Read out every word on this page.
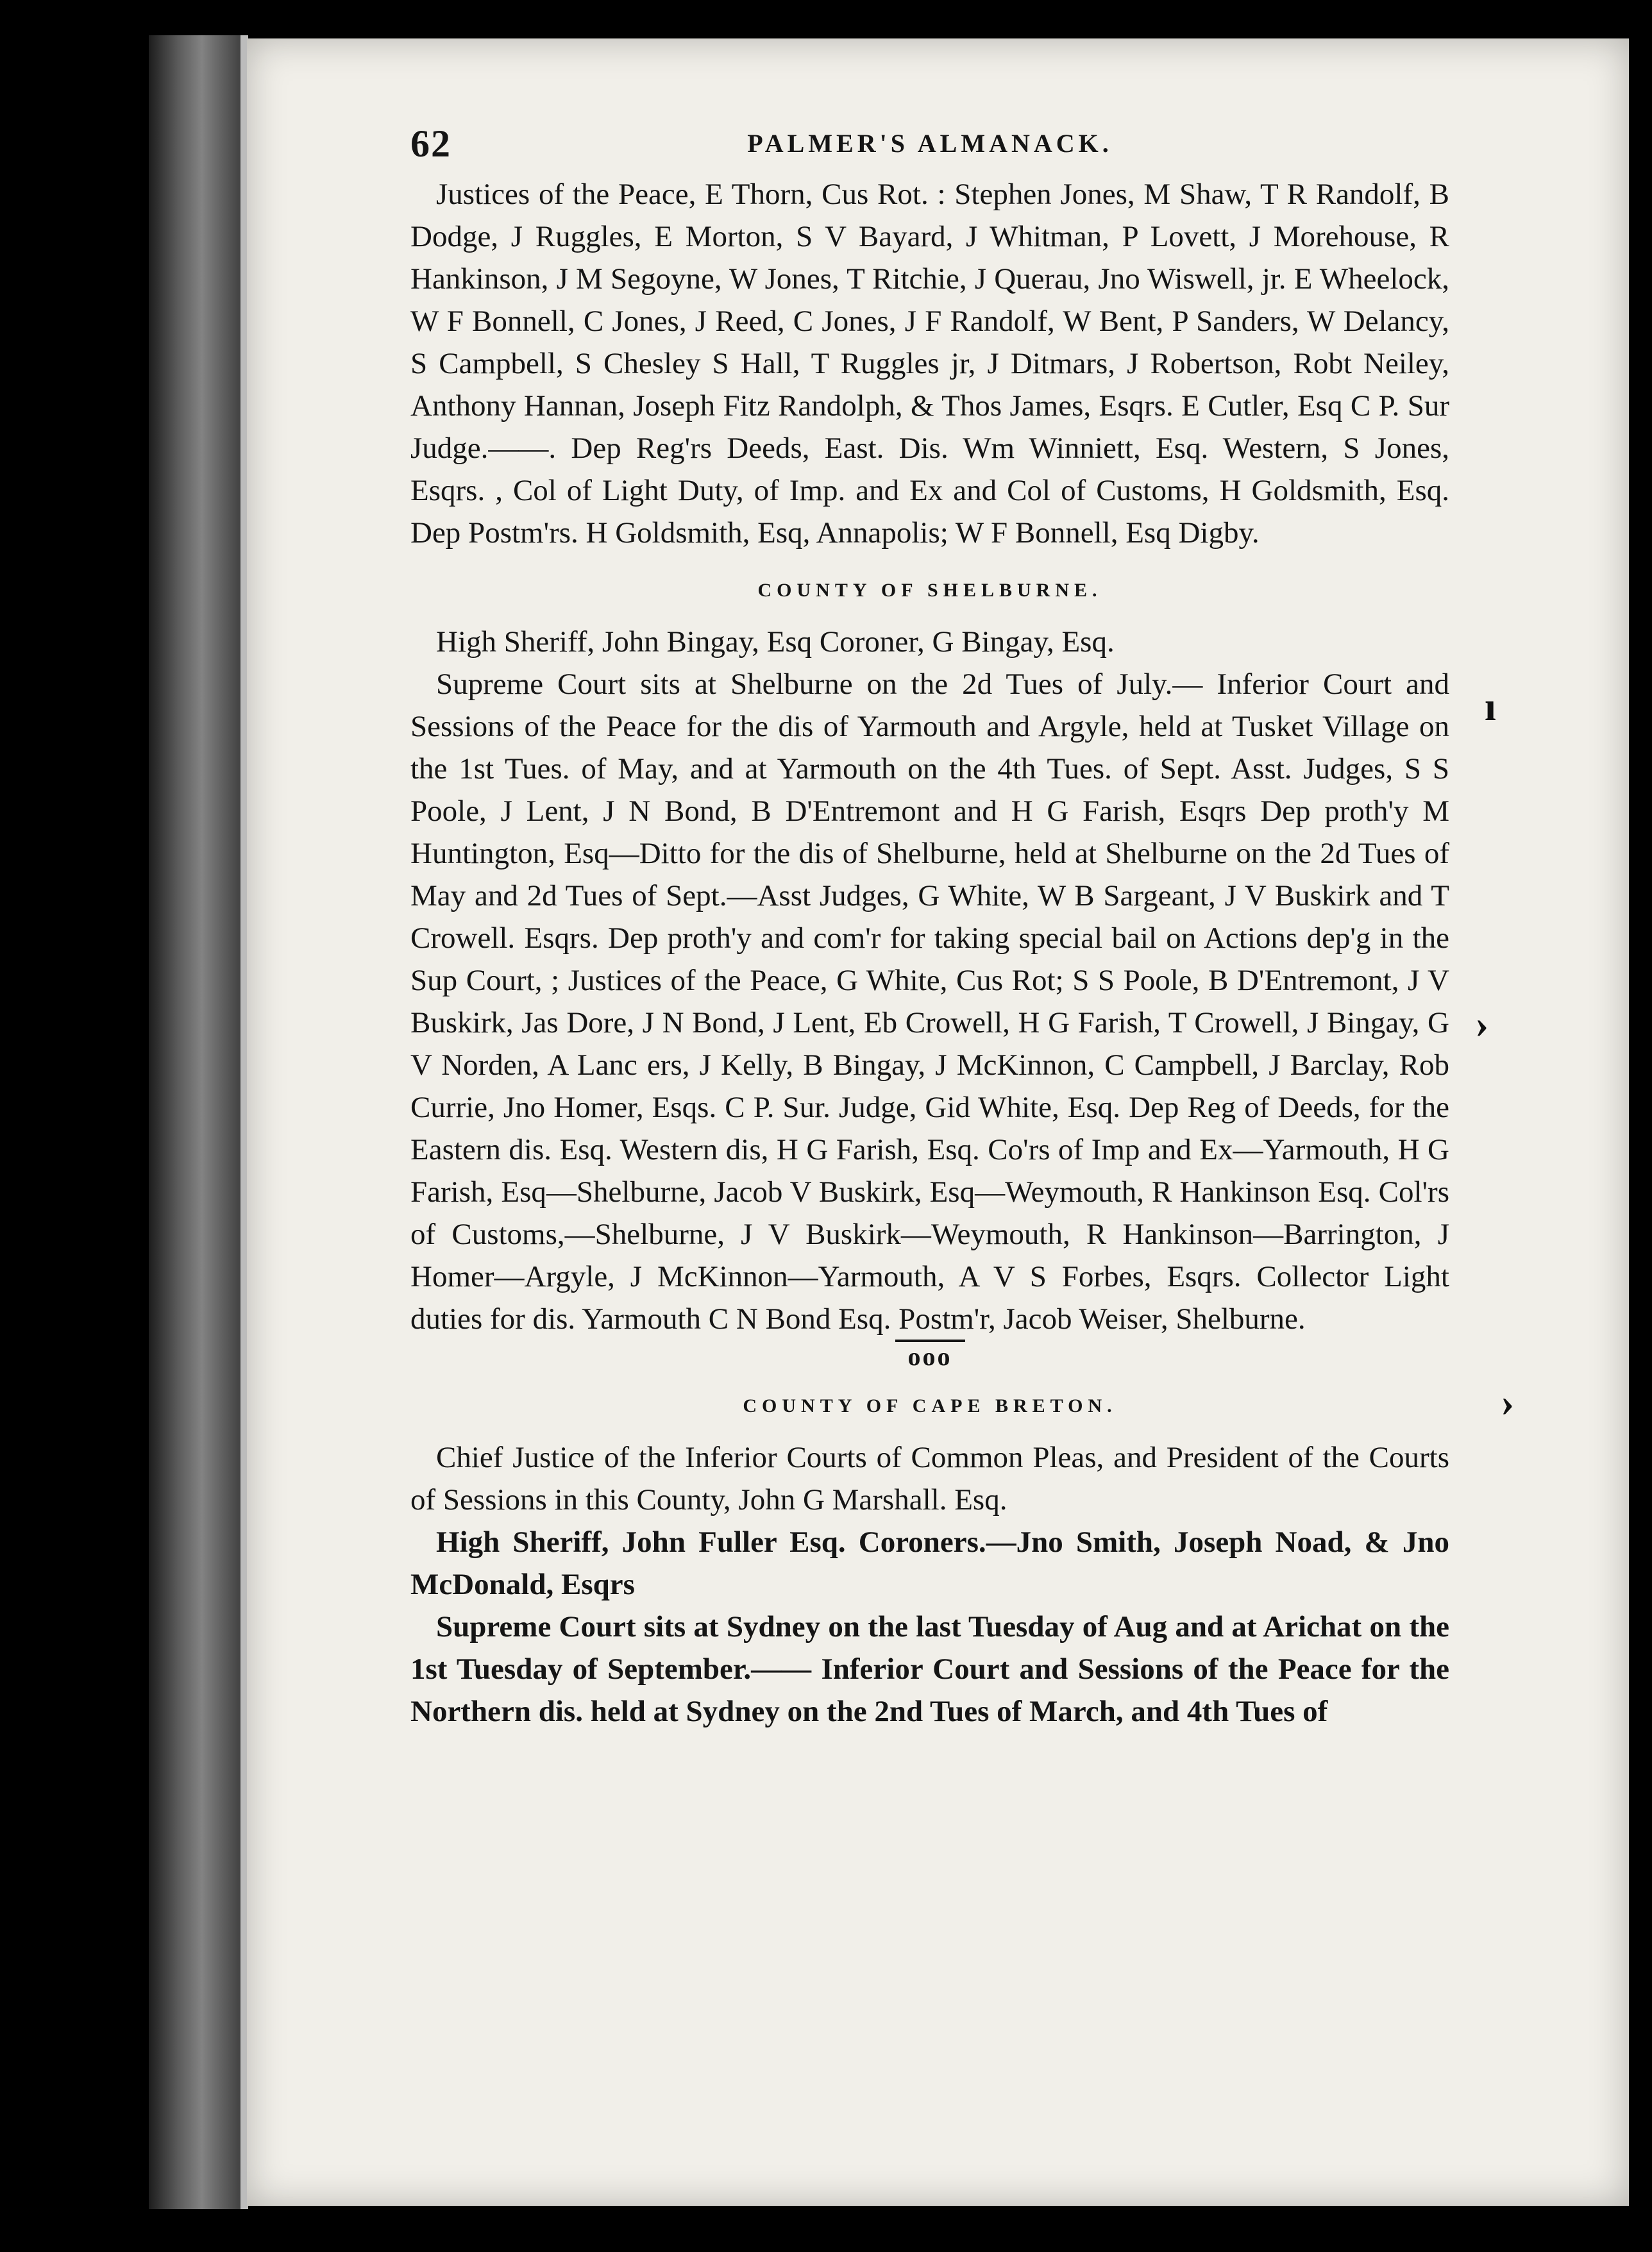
62	PALMER'S ALMANACK.

Justices of the Peace, E Thorn, Cus Rot. : Stephen Jones, M Shaw, T R Randolf, B Dodge, J Ruggles, E Morton, S V Bayard, J Whitman, P Lovett, J Morehouse, R Hankinson, J M Segoyne, W Jones, T Ritchie, J Querau, Jno Wiswell, jr. E Wheelock, W F Bonnell, C Jones, J Reed, C Jones, J F Randolf, W Bent, P Sanders, W Delancy, S Campbell, S Chesley S Hall, T Ruggles jr, J Ditmars, J Robertson, Robt Neiley, Anthony Hannan, Joseph Fitz Randolph, & Thos James, Esqrs. E Cutler, Esq C P. Sur Judge.——. Dep Reg'rs Deeds, East. Dis. Wm Winniett, Esq. Western, S Jones, Esqrs. , Col of Light Duty, of Imp. and Ex and Col of Customs, H Goldsmith, Esq. Dep Postm'rs. H Goldsmith, Esq, Annapolis; W F Bonnell, Esq Digby.

COUNTY OF SHELBURNE.

High Sheriff, John Bingay, Esq Coroner, G Bingay, Esq.

Supreme Court sits at Shelburne on the 2d Tues of July.— Inferior Court and Sessions of the Peace for the dis of Yarmouth and Argyle, held at Tusket Village on the 1st Tues. of May, and at Yarmouth on the 4th Tues. of Sept. Asst. Judges, S S Poole, J Lent, J N Bond, B D'Entremont and H G Farish, Esqrs Dep proth'y M Huntington, Esq—Ditto for the dis of Shelburne, held at Shelburne on the 2d Tues of May and 2d Tues of Sept.—Asst Judges, G White, W B Sargeant, J V Buskirk and T Crowell. Esqrs. Dep proth'y and com'r for taking special bail on Actions dep'g in the Sup Court, ; Justices of the Peace, G White, Cus Rot; S S Poole, B D'Entremont, J V Buskirk, Jas Dore, J N Bond, J Lent, Eb Crowell, H G Farish, T Crowell, J Bingay, G V Norden, A Lanc ers, J Kelly, B Bingay, J McKinnon, C Campbell, J Barclay, Rob Currie, Jno Homer, Esqs. C P. Sur. Judge, Gid White, Esq. Dep Reg of Deeds, for the Eastern dis. Esq. Western dis, H G Farish, Esq. Co'rs of Imp and Ex—Yarmouth, H G Farish, Esq—Shelburne, Jacob V Buskirk, Esq—Weymouth, R Hankinson Esq. Col'rs of Customs,—Shelburne, J V Buskirk—Weymouth, R Hankinson—Barrington, J Homer—Argyle, J McKinnon—Yarmouth, A V S Forbes, Esqrs. Collector Light duties for dis. Yarmouth C N Bond Esq. Postm'r, Jacob Weiser, Shelburne.

ooo
COUNTY OF CAPE BRETON.

Chief Justice of the Inferior Courts of Common Pleas, and President of the Courts of Sessions in this County, John G Marshall. Esq.

High Sheriff, John Fuller Esq. Coroners.—Jno Smith, Joseph Noad, & Jno McDonald, Esqrs

Supreme Court sits at Sydney on the last Tuesday of Aug and at Arichat on the 1st Tuesday of September.—— Inferior Court and Sessions of the Peace for the Northern dis. held at Sydney on the 2nd Tues of March, and 4th Tues of

ı
›
›
